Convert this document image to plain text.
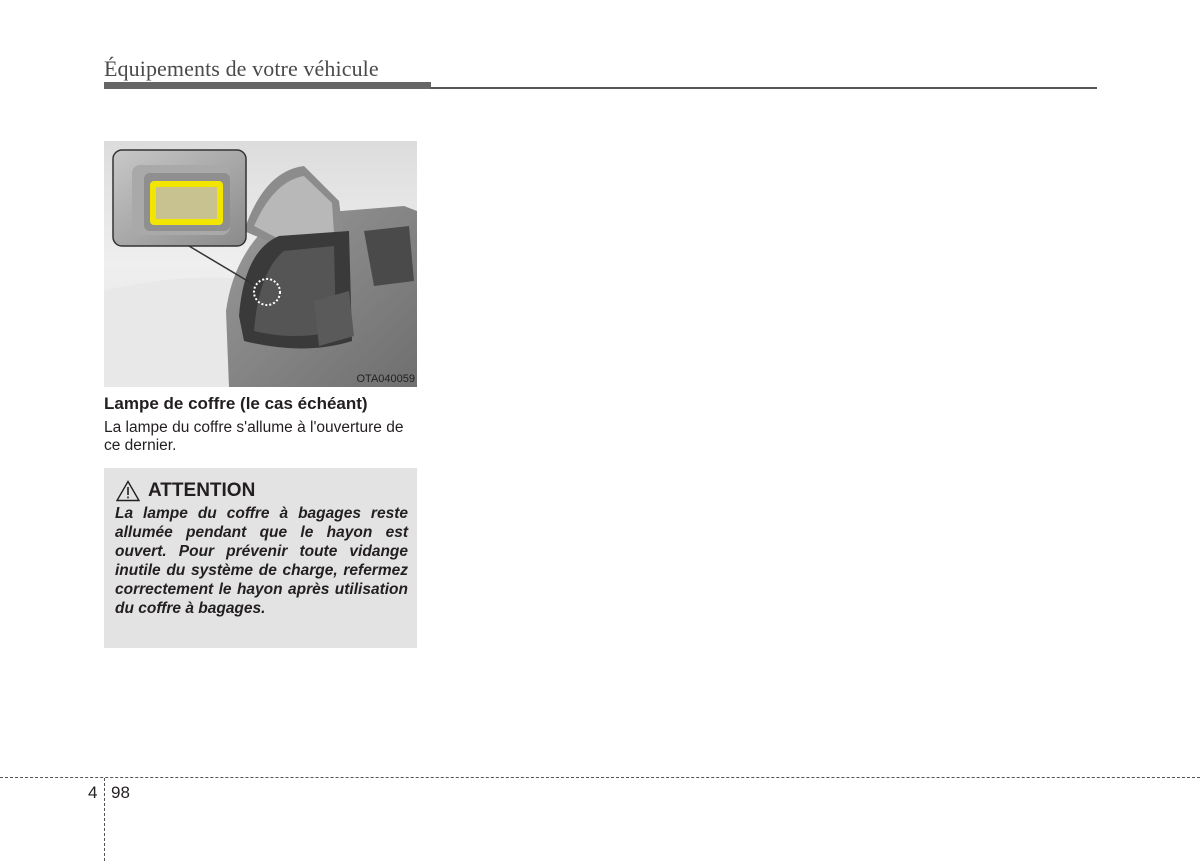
Équipements de votre véhicule
OTA040059
Lampe de coffre (le cas échéant)
La lampe du coffre s'allume à l'ouverture de ce dernier.
ATTENTION
La lampe du coffre à bagages reste allumée pendant que le hayon est ouvert. Pour prévenir toute vidange inutile du système de charge, refermez correctement le hayon après utilisation du coffre à bagages.
4 98
